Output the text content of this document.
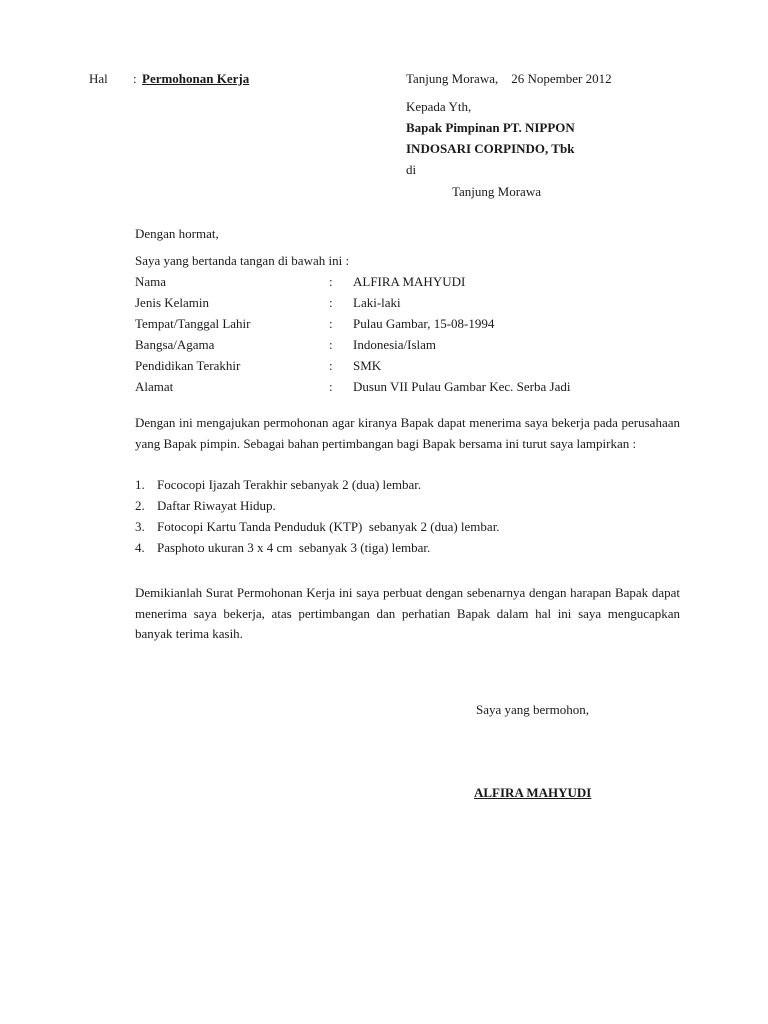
Hal : Permohonan Kerja	Tanjung Morawa,    26 Nopember 2012
Kepada Yth,
Bapak Pimpinan PT. NIPPON
INDOSARI CORPINDO, Tbk
di
Tanjung Morawa
Dengan hormat,
Saya yang bertanda tangan di bawah ini :
Nama	: ALFIRA MAHYUDI
Jenis Kelamin	: Laki-laki
Tempat/Tanggal Lahir	: Pulau Gambar, 15-08-1994
Bangsa/Agama	: Indonesia/Islam
Pendidikan Terakhir	: SMK
Alamat	: Dusun VII Pulau Gambar Kec. Serba Jadi
Dengan ini mengajukan permohonan agar kiranya Bapak dapat menerima saya bekerja pada perusahaan yang Bapak pimpin. Sebagai bahan pertimbangan bagi Bapak bersama ini turut saya lampirkan :
1. Fococopi Ijazah Terakhir sebanyak 2 (dua) lembar.
2. Daftar Riwayat Hidup.
3. Fotocopi Kartu Tanda Penduduk (KTP)  sebanyak 2 (dua) lembar.
4. Pasphoto ukuran 3 x 4 cm  sebanyak 3 (tiga) lembar.
Demikianlah Surat Permohonan Kerja ini saya perbuat dengan sebenarnya dengan harapan Bapak dapat menerima saya bekerja, atas pertimbangan dan perhatian Bapak dalam hal ini saya mengucapkan banyak terima kasih.
Saya yang bermohon,
ALFIRA MAHYUDI
